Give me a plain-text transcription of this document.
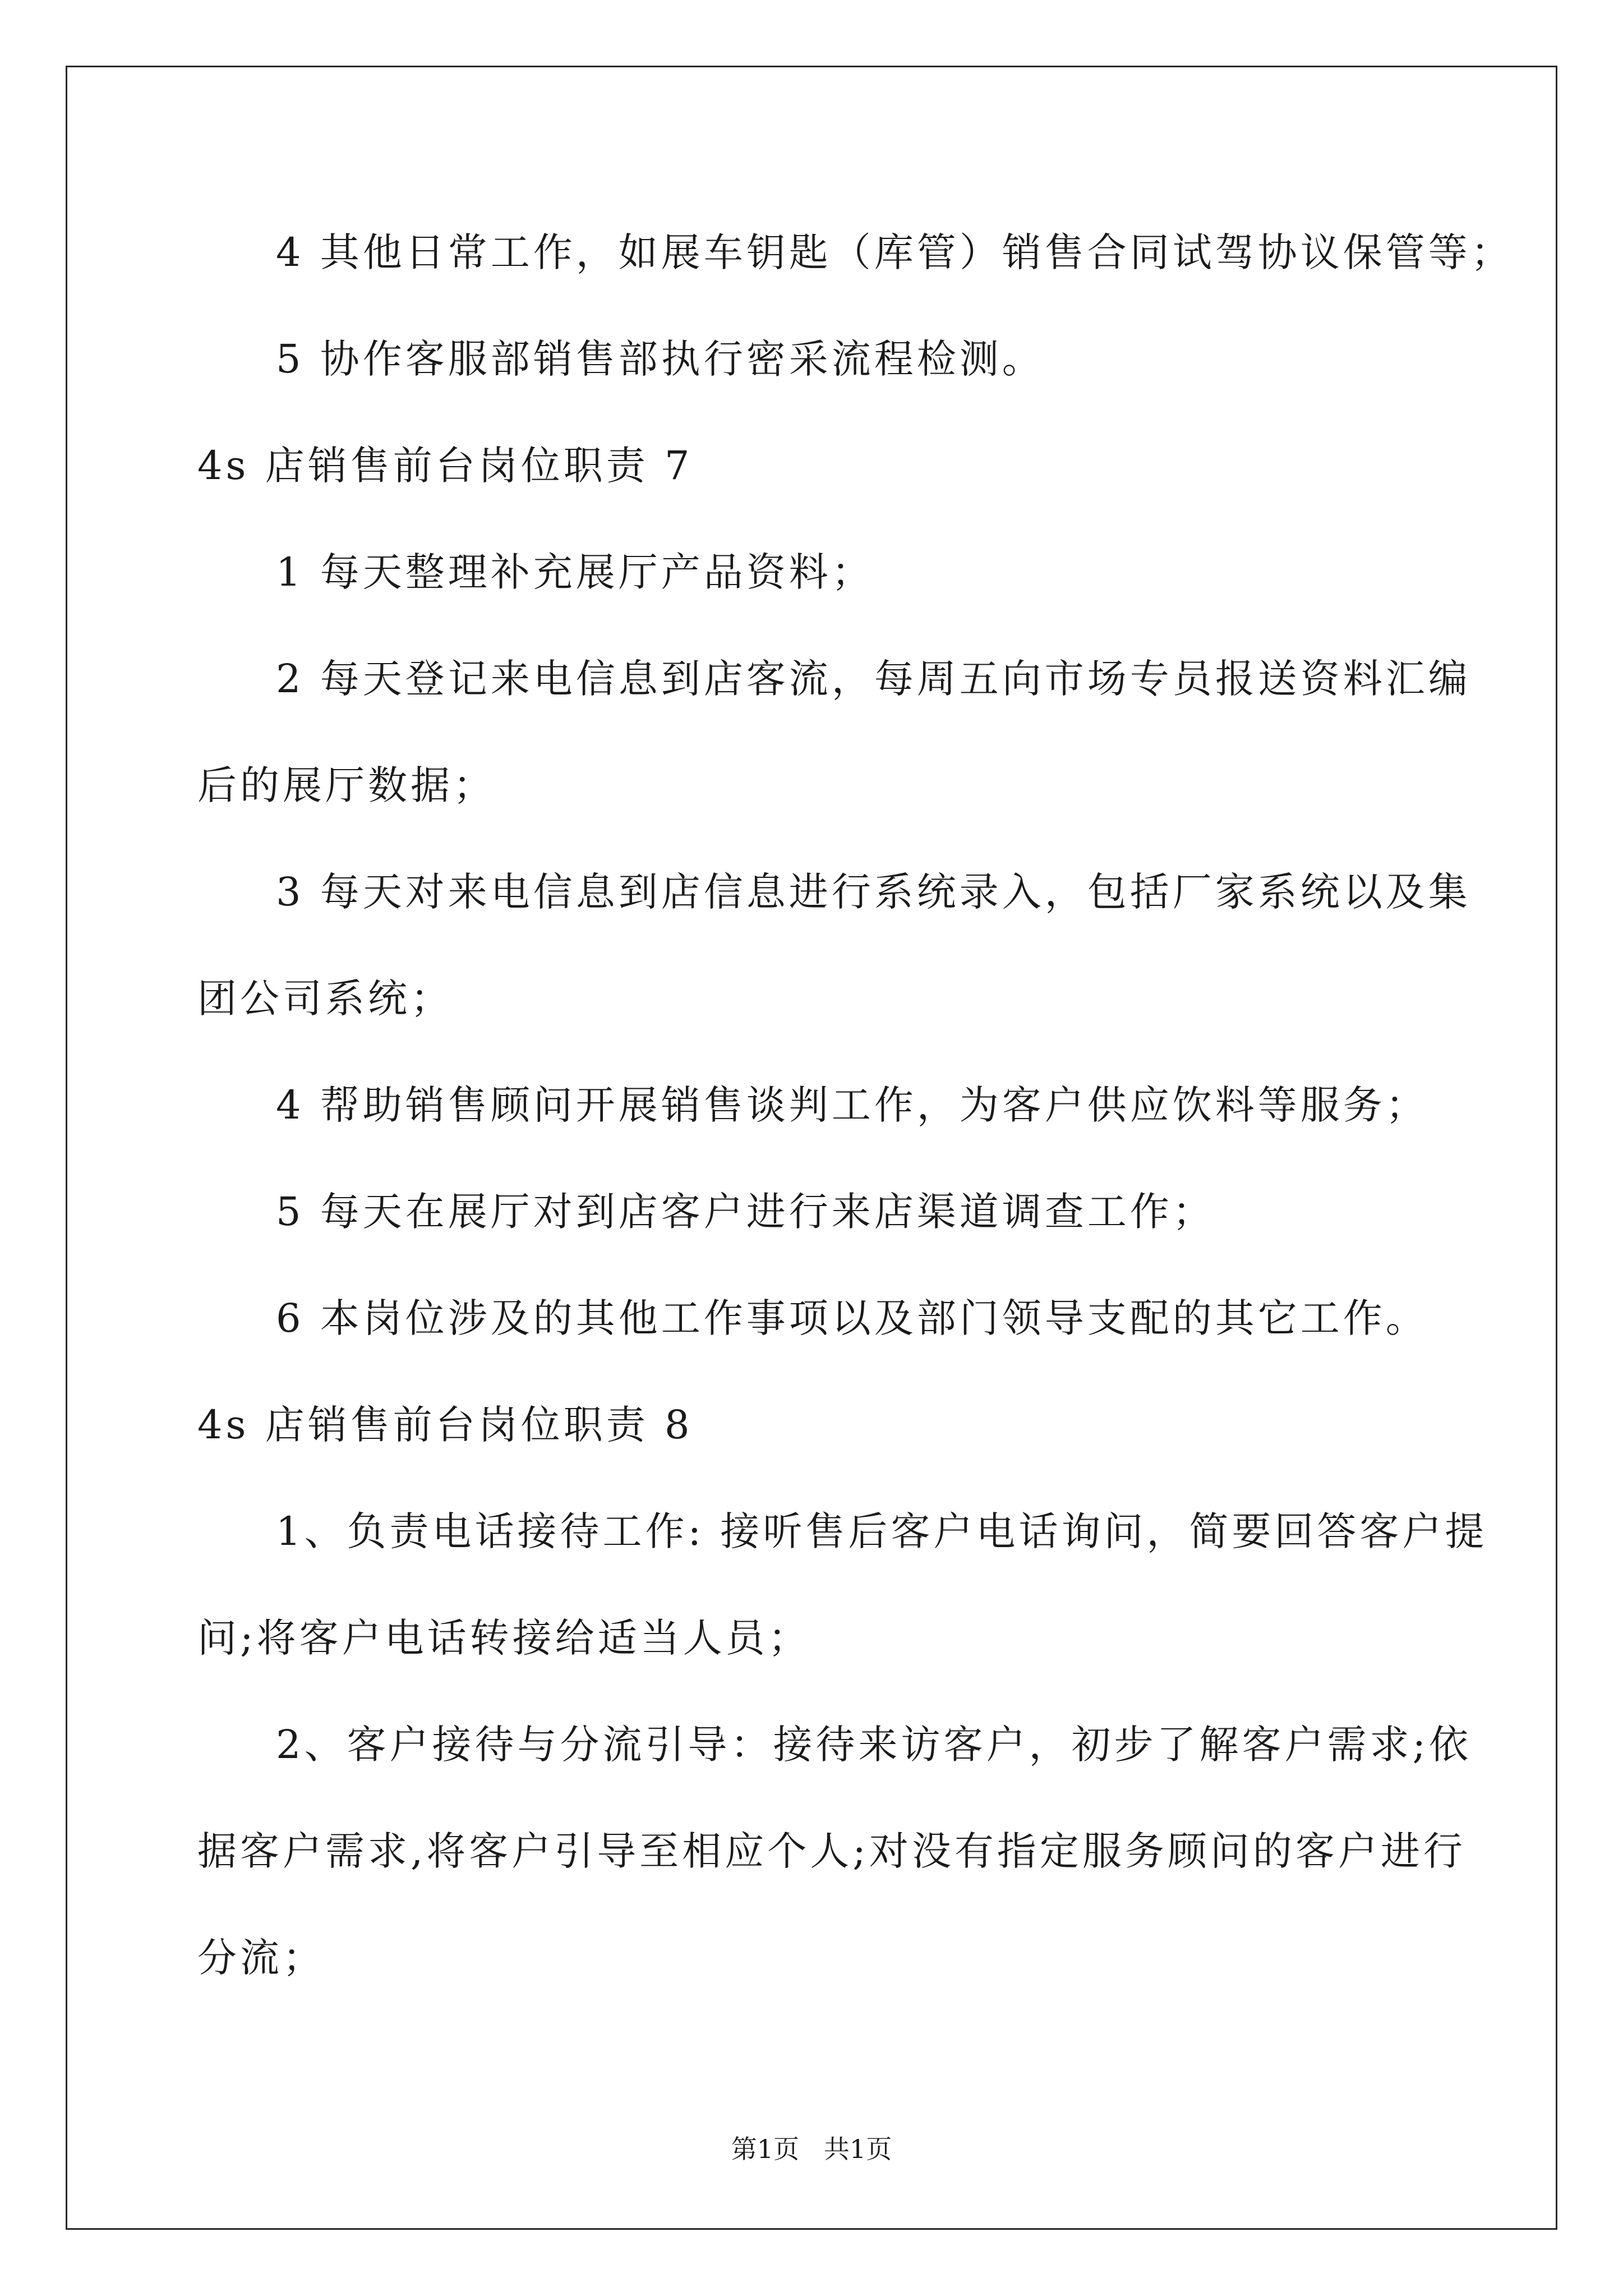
4 其他日常工作，如展车钥匙（库管）销售合同试驾协议保管等；
5 协作客服部销售部执行密采流程检测。
4s 店销售前台岗位职责 7
1 每天整理补充展厅产品资料；
2 每天登记来电信息到店客流，每周五向市场专员报送资料汇编
后的展厅数据；
3 每天对来电信息到店信息进行系统录入，包括厂家系统以及集
团公司系统；
4 帮助销售顾问开展销售谈判工作，为客户供应饮料等服务；
5 每天在展厅对到店客户进行来店渠道调查工作；
6 本岗位涉及的其他工作事项以及部门领导支配的其它工作。
4s 店销售前台岗位职责 8
1、负责电话接待工作: 接听售后客户电话询问，简要回答客户提
问;将客户电话转接给适当人员；
2、客户接待与分流引导：接待来访客户，初步了解客户需求;依
据客户需求,将客户引导至相应个人;对没有指定服务顾问的客户进行
分流；
第1页   共1页
